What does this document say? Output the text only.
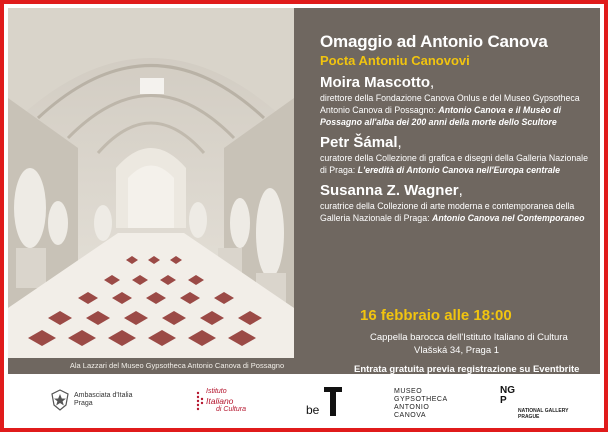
Ala Lazzari del Museo Gypsotheca Antonio Canova di Possagno
Omaggio ad Antonio Canova
Pocta Antoniu Canovovi
Moira Mascotto,
direttore della Fondazione Canova Onlus e del Museo Gypsotheca Antonio Canova di Possagno: Antonio Canova e il Musèo di Possagno all'alba dei 200 anni della morte dello Scultore
Petr Šámal,
curatore della Collezione di grafica e disegni della Galleria Nazionale di Praga: L'eredità di Antonio Canova nell'Europa centrale
Susanna Z. Wagner,
curatrice della Collezione di arte moderna e contemporanea della Galleria Nazionale di Praga: Antonio Canova nel Contemporaneo
16 febbraio alle 18:00
Cappella barocca dell'Istituto Italiano di Cultura
Vlašská 34, Praga 1
Entrata gratuita previa registrazione su Eventbrite
Ambasciata d'Italia
Praga
Istituto
Italiano
di Cultura	be
MUSEO
GYPSOTHECA
ANTONIO
CANOVA
NG P
NATIONAL GALLERY
PRAGUE
